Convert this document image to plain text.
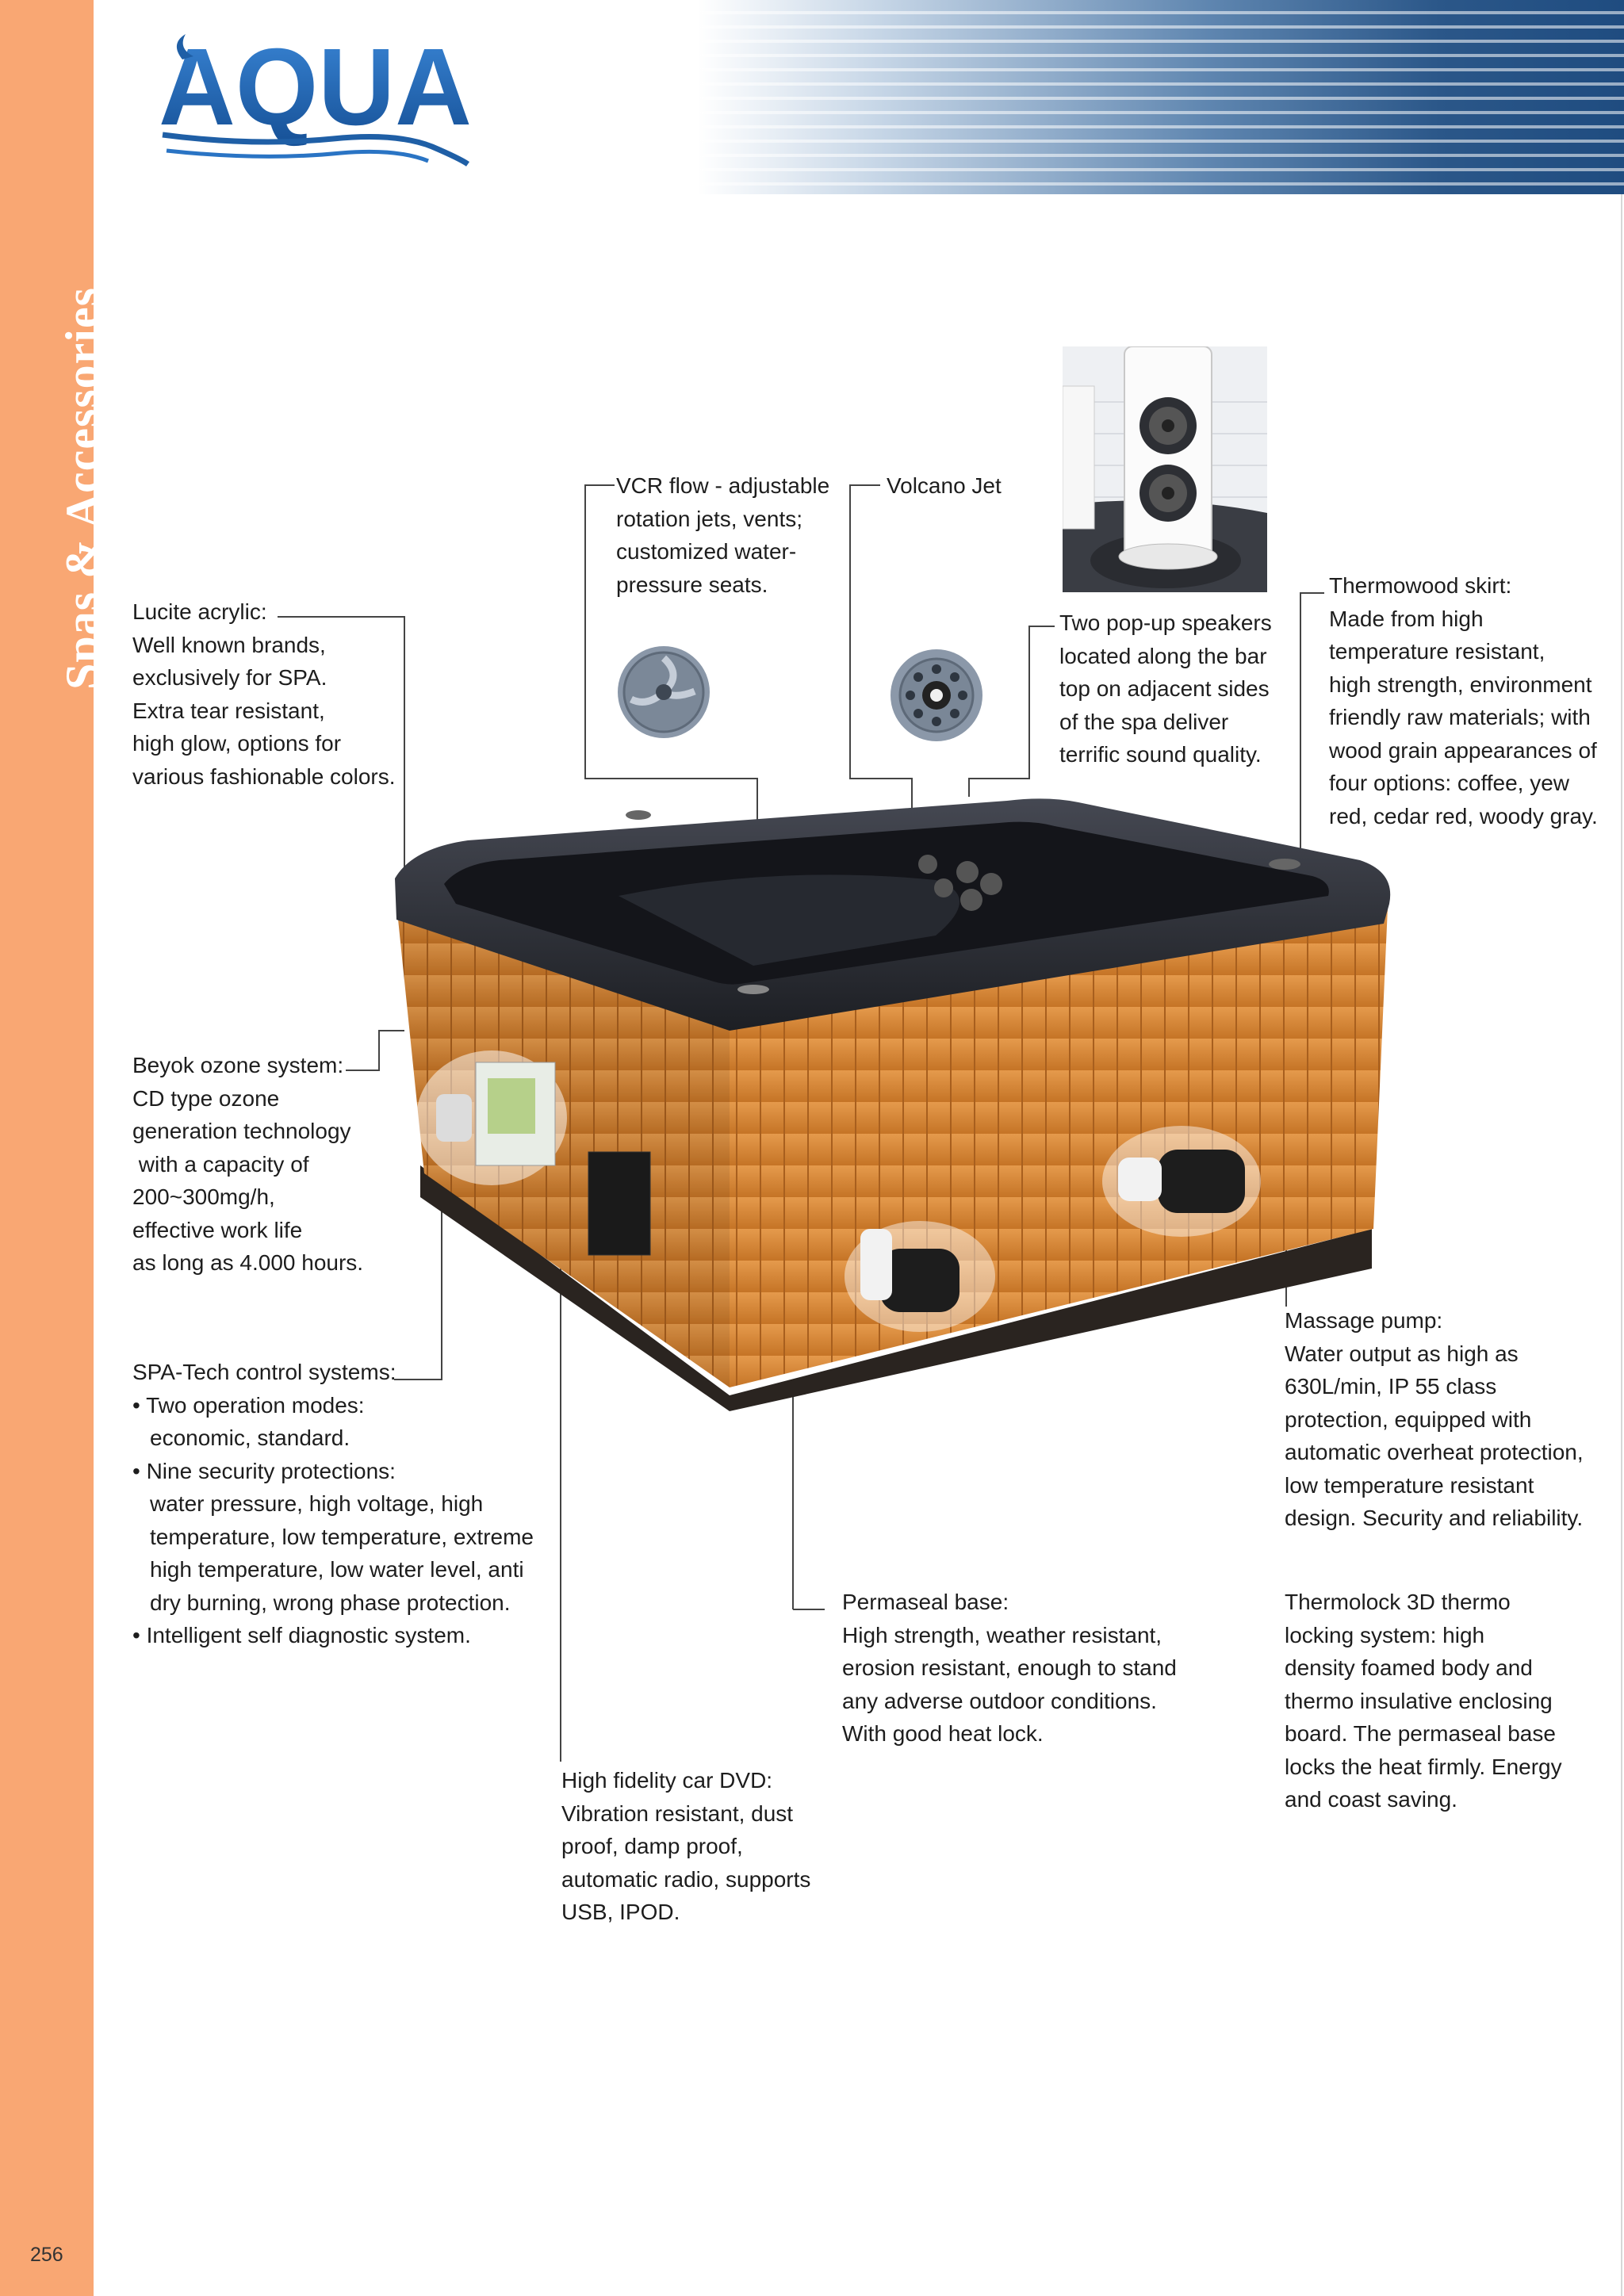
Spas & Accessories
256
AQUA
VCR flow - adjustable
rotation jets, vents;
customized water-
pressure seats.
Volcano Jet
Lucite acrylic:
Well known brands,
exclusively for SPA.
Extra tear resistant,
high glow, options for
various fashionable colors.
Two pop-up speakers
located along the bar
top on adjacent sides
of the spa deliver
terrific sound quality.
Thermowood skirt:
Made from high
temperature resistant,
high strength, environment
friendly raw materials; with
wood grain appearances of
four options: coffee, yew
red, cedar red, woody gray.
Beyok ozone system:
CD type ozone
generation technology
with a capacity of
200~300mg/h,
effective work life
as long as 4.000 hours.
SPA-Tech control systems:
• Two operation modes:
economic, standard.
• Nine security protections:
water pressure, high voltage, high
temperature, low temperature, extreme
high temperature, low water level, anti
dry burning, wrong phase protection.
• Intelligent self diagnostic system.
Massage pump:
Water output as high as
630L/min, IP 55 class
protection, equipped with
automatic overheat protection,
low temperature resistant
design. Security and reliability.
Permaseal base:
High strength, weather resistant,
erosion resistant, enough to stand
any adverse outdoor conditions.
With good heat lock.
Thermolock 3D thermo
locking system: high
density foamed body and
thermo insulative enclosing
board. The permaseal base
locks the heat firmly. Energy
and coast saving.
High fidelity car DVD:
Vibration resistant, dust
proof, damp proof,
automatic radio, supports
USB, IPOD.
